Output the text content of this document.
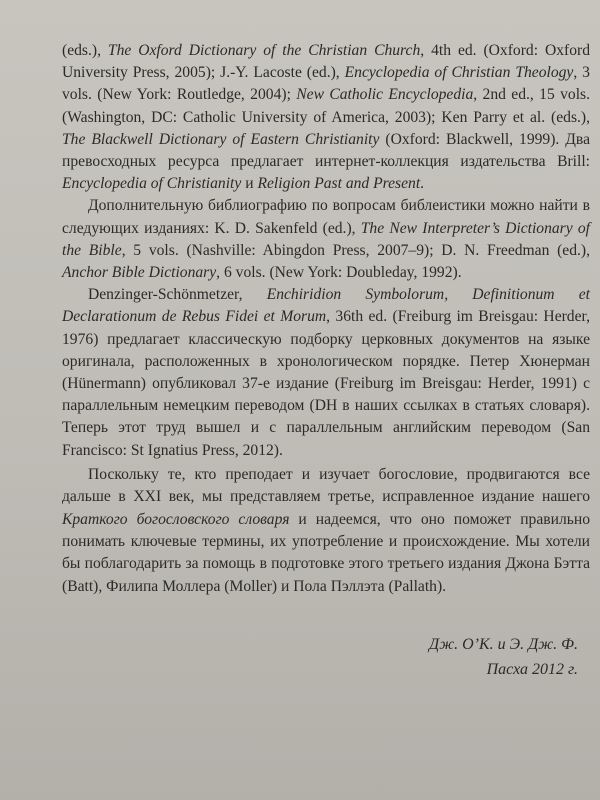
(eds.), The Oxford Dictionary of the Christian Church, 4th ed. (Oxford: Oxford University Press, 2005); J.-Y. Lacoste (ed.), Encyclopedia of Christian Theology, 3 vols. (New York: Routledge, 2004); New Catholic Encyclopedia, 2nd ed., 15 vols. (Washington, DC: Catholic University of America, 2003); Ken Parry et al. (eds.), The Blackwell Dictionary of Eastern Christianity (Oxford: Blackwell, 1999). Два превосходных ресурса предлагает интернет-коллекция издательства Brill: Encyclopedia of Christianity и Religion Past and Present.

Дополнительную библиографию по вопросам библеистики можно найти в следующих изданиях: K. D. Sakenfeld (ed.), The New Interpreter’s Dictionary of the Bible, 5 vols. (Nashville: Abingdon Press, 2007–9); D. N. Freedman (ed.), Anchor Bible Dictionary, 6 vols. (New York: Doubleday, 1992).

Denzinger-Schönmetzer, Enchiridion Symbolorum, Definitionum et Declarationum de Rebus Fidei et Morum, 36th ed. (Freiburg im Breisgau: Herder, 1976) предлагает классическую подборку церковных документов на языке оригинала, расположенных в хронологическом порядке. Петер Хюнерман (Hünermann) опубликовал 37-е издание (Freiburg im Breisgau: Herder, 1991) с параллельным немецким переводом (DH в наших ссылках в статьях словаря). Теперь этот труд вышел и с параллельным английским переводом (San Francisco: St Ignatius Press, 2012).

Поскольку те, кто преподает и изучает богословие, продвигаются все дальше в XXI век, мы представляем третье, исправленное издание нашего Краткого богословского словаря и надеемся, что оно поможет правильно понимать ключевые термины, их употребление и происхождение. Мы хотели бы поблагодарить за помощь в подготовке этого третьего издания Джона Бэтта (Batt), Филипа Моллера (Moller) и Пола Пэллэта (Pallath).

Дж. О’К. и Э. Дж. Ф.
Пасха 2012 г.
